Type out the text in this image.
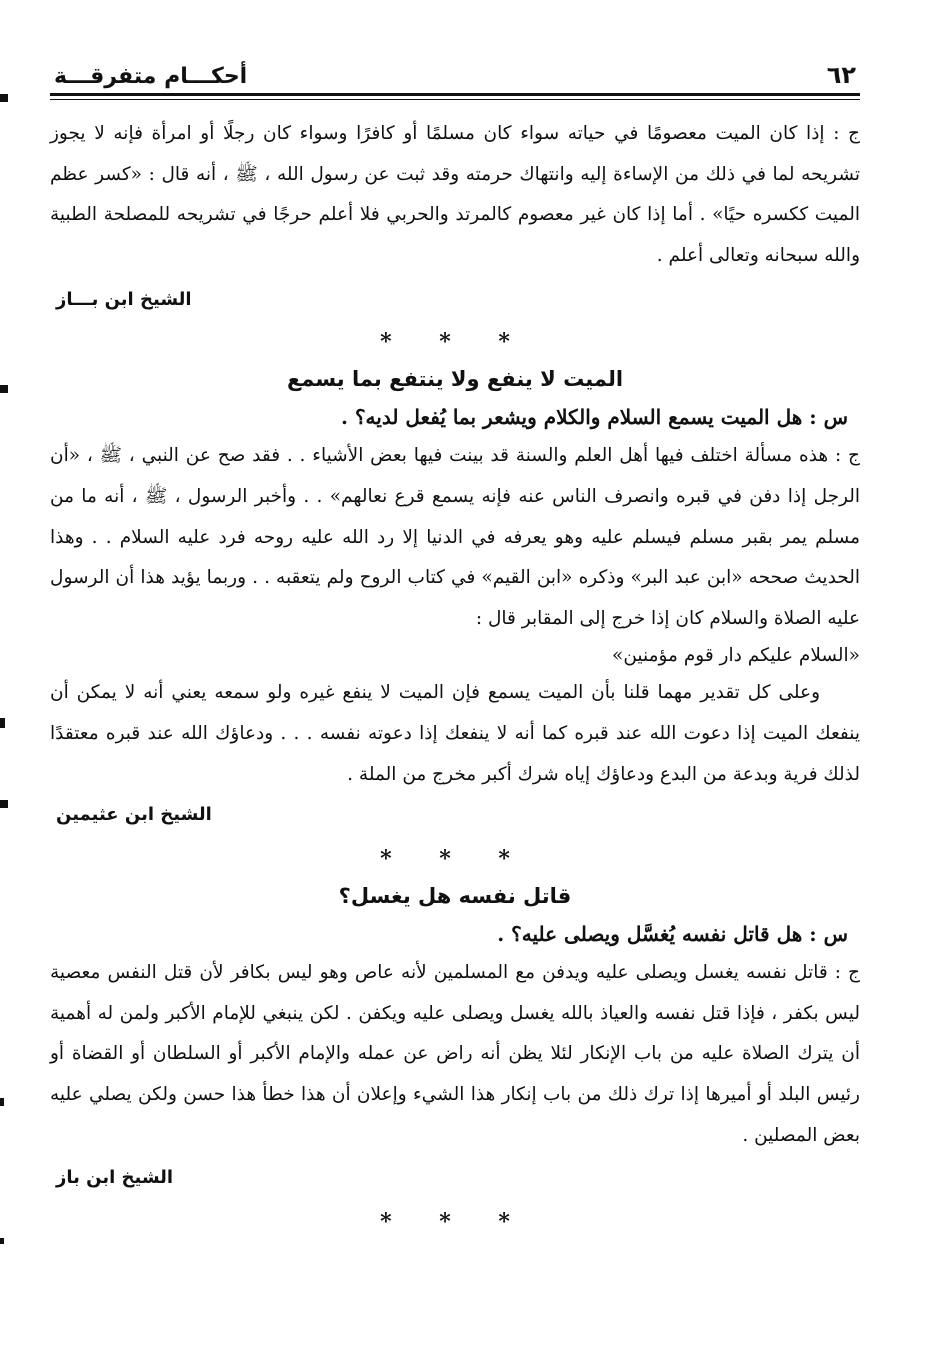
٦٢
أحكـــام متفرقـــة

ج : إذا كان الميت معصومًا في حياته سواء كان مسلمًا أو كافرًا وسواء كان رجلًا أو امرأة فإنه لا يجوز تشريحه لما في ذلك من الإساءة إليه وانتهاك حرمته وقد ثبت عن رسول الله ، ﷺ ، أنه قال : «كسر عظم الميت ككسره حيًا» . أما إذا كان غير معصوم كالمرتد والحربي فلا أعلم حرجًا في تشريحه للمصلحة الطبية والله سبحانه وتعالى أعلم .

الشيخ ابن بـــاز

* * *

الميت لا ينفع ولا ينتفع بما يسمع

س : هل الميت يسمع السلام والكلام ويشعر بما يُفعل لديه؟ .

ج : هذه مسألة اختلف فيها أهل العلم والسنة قد بينت فيها بعض الأشياء . . فقد صح عن النبي ، ﷺ ، «أن الرجل إذا دفن في قبره وانصرف الناس عنه فإنه يسمع قرع نعالهم» . . وأخبر الرسول ، ﷺ ، أنه ما من مسلم يمر بقبر مسلم فيسلم عليه وهو يعرفه في الدنيا إلا رد الله عليه روحه فرد عليه السلام . . وهذا الحديث صححه «ابن عبد البر» وذكره «ابن القيم» في كتاب الروح ولم يتعقبه . . وربما يؤيد هذا أن الرسول عليه الصلاة والسلام كان إذا خرج إلى المقابر قال :

«السلام عليكم دار قوم مؤمنين»

وعلى كل تقدير مهما قلنا بأن الميت يسمع فإن الميت لا ينفع غيره ولو سمعه يعني أنه لا يمكن أن ينفعك الميت إذا دعوت الله عند قبره كما أنه لا ينفعك إذا دعوته نفسه . . . ودعاؤك الله عند قبره معتقدًا لذلك فرية وبدعة من البدع ودعاؤك إياه شرك أكبر مخرج من الملة .

الشيخ ابن عثيمين

* * *

قاتل نفسه هل يغسل؟

س : هل قاتل نفسه يُغسَّل ويصلى عليه؟ .

ج : قاتل نفسه يغسل ويصلى عليه ويدفن مع المسلمين لأنه عاص وهو ليس بكافر لأن قتل النفس معصية ليس بكفر ، فإذا قتل نفسه والعياذ بالله يغسل ويصلى عليه ويكفن . لكن ينبغي للإمام الأكبر ولمن له أهمية أن يترك الصلاة عليه من باب الإنكار لئلا يظن أنه راض عن عمله والإمام الأكبر أو السلطان أو القضاة أو رئيس البلد أو أميرها إذا ترك ذلك من باب إنكار هذا الشيء وإعلان أن هذا خطأ هذا حسن ولكن يصلي عليه بعض المصلين .

الشيخ ابن باز

* * *
